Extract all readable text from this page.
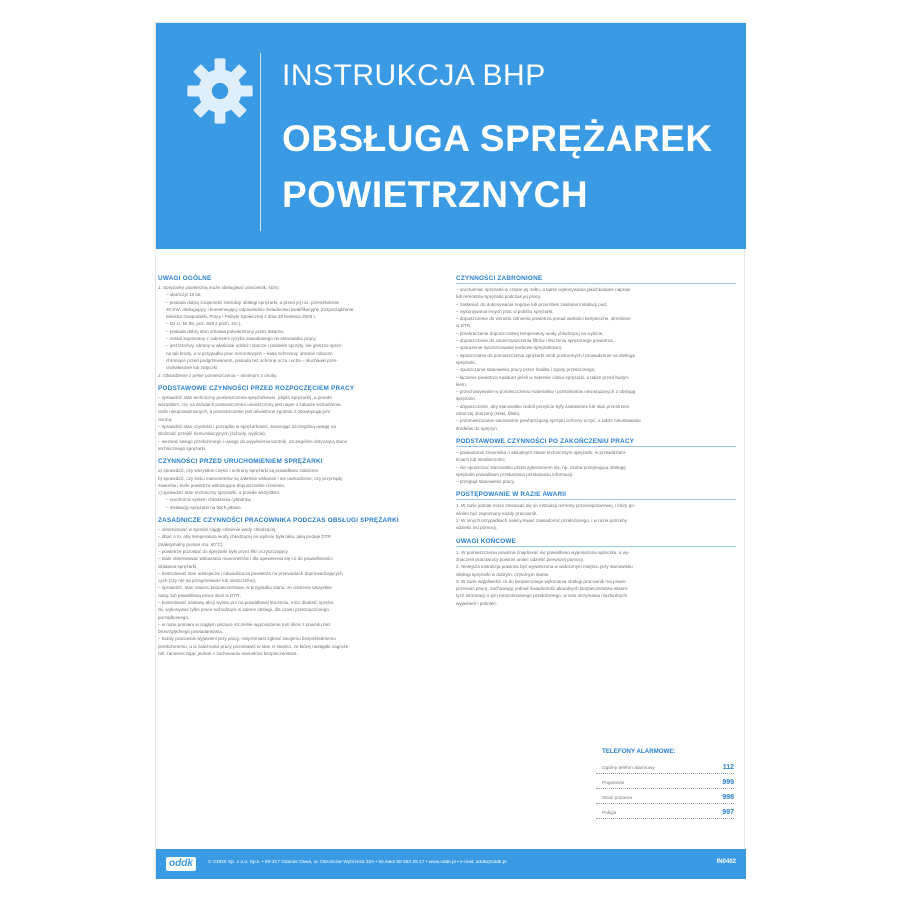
INSTRUKCJA BHP
OBSŁUGA SPRĘŻAREK
POWIETRZNYCH
UWAGI OGÓLNE
1. Sprężarkę powietrzną może obsługiwać pracownik, który:
– ukończył 18 lat,
– posiada dobrą znajomość instrukcji obsługi sprężarki, a przed jej roz. przeszkolenie
20 KW, obsługujący i konserwujący odpowiednie świadectwo kwalifikacyjne (rozporządzenie
Ministra Gospodarki, Pracy i Polityki Społecznej z dnia 28 kwietnia 2003 r.
– Dz.U. Nr 89, poz. 828 z późn. zm.),
– posiada dobry stan zdrowia potwierdzony przez lekarza,
– został zapoznany z zakresem ryzyka zawodowego na stanowisku pracy,
– jest trzeźwy, ubrany w właściwe odzież robocze i osobiste sprzęty, nie gloszne spręż-
na tak brody, a w przypadku prac remontowych – kasa ochronną; ubranie robocze
chroniące przed podgrzewaniem, posiada też ochronę oczu i ucha – słuchawki prze-
ciwhałasowe lub zatyczki.
2. Obsadzenie z pełne pomieszczenia – minimum 2 osoby.
PODSTAWOWE CZYNNOŚCI PRZED ROZPOCZĘCIEM PRACY
– sprawdzić stan techniczny pomieszczenia sprężarkowni, (dojść sprężarki), a przede
wszystkim, czy na drzwiach pomieszczenia umieszczony jest napis o zakazie wchodzenia
osób nieupoważnionych, a pomieszczenie jest oświetlone zgodnie z obowiązującymi
normą,
– sprawdzić stan czystości i porządku w sprężarkowni, zwracając szczególną uwagę na
drożność przejść komunikacyjnych (schody, wyjścia),
– wezwać swego przełożonego i uwagę do wyjaśnienia kontroli, szczególnie dotyczącą stanu
technicznego sprężarki.
CZYNNOŚCI PRZED URUCHOMIENIEM SPRĘŻARKI
a) sprawdzić, czy wszystkie części i ochrony sprężarki są prawidłowo założone,
b) sprawdzić, czy ilości manometrów są zakresie wskazań i nie uszkodzone, czy przyrządy
zaworów i kurki powietrza wskazujące dopuszczalne ciśnienie,
c) sprawdzić stan techniczny sprężarki, a przede wszystkim:
– uruchomić system chłodzenia cylindrów,
– instalację sprężarki na tłoch jałowo.
ZASADNICZE CZYNNOŚCI PRACOWNIKA PODCZAS OBSŁUGI SPRĘŻARKI
– obserwować w sposób ciągły ciśnienie wody chłodzącej,
– dbać o to, aby temperatura wody chłodzącej na wylocie była taka, jaką podaje DTR
(maksymalny pomiar ma. 40°C),
– powietrze pozostać do sprężarki było przez filtr oczyszczający,
– stale obserwować wskazania manometrów i dla upewnienia się co do prawidłowości
działania sprężarki,
– kontrolować stan odolejacza i odwadniacza powietrza na przewodach doprowadzających
cych (czy nie są przegrzewane lub nieszczelne),
– sprawdzić, stan zaworu bezpieczeństwa, w przypadku stanu, że ciśnienie wszystkie
nasą. lub prawidłową pracę sieci w DTR,
– kontrolować nastawy akcji wylotu pro na prawidłowej tłoczeniu, rnicz dbałość spręża-
rki, wykonywać tylko prace wchodzące w zakres obsługi, dla czasu przeznaczonego
porządkowego,
– w razie pomiaru w ciągłym piszące szczelnie wyposażanie tum liście z powodu bez
bezwzględnego powiadamiania,
– każdy pracownik wyjawieni przy pracy, natychmiast zgłosić swojemu bezpośredniemu
przełożonemu, a w zależności pracy pozostawić w stan in stasino, ze której nastąpiło zagroże-
nik, zamieszczając jednak o zachowaniu warunków bezpieczeństwa.
CZYNNOŚCI ZABRONIONE
– uruchamiać sprężarki w czasie jej naftu, a także wykonywania jakichkolwiek napraw
lub remontów sprężarki podczas jej pracy,
– zasłaniać do dokonywania napraw lub przeróbek zasilania instalacji pod,
– wykonywania innych prac w pobliżu sprężarki,
– dopuszczenie do wzrostu ciśnienia powietrza ponad wartości bezpieczne, określone
w DTR,
– przekraczanie dopuszczalnej temperatury wody chłodzącej na wylocie,
– dopuszczanie do zanieczyszczenia filtrów i tłoczenia sprężonego powietrza,
– sporażenie suszarzowanie korbowe sprężarkowni,
– wpuszczanie do pomieszczenia sprężarki osób postronnych i prowadzenie na obsługę
sprężarki,
– opuszczanie stanowiska pracy przez środka i zgody przełożonego,
– łączenie powietrza naddusz jeżeli w zakresie ciśnia sprężarki, a także przed budyn-
kiem,
– przechowywanie w pomieszczeniu materiałów i przedmiotów niezwiązanych z obsługą
sprężarki,
– dopuszczenie, aby stanowisko wokół przejście były zastawione lub stan przestrzeni
roboczej obniżony (niski, śliski),
– przemieszczanie samowolne pewhętrząceg sprzętu ochrony oczyć, a także nieustawanie
środków do sprężyn.
PODSTAWOWE CZYNNOŚCI PO ZAKOŃCZENIU PRACY
– powiadomić zmiennika o aktualnym stanie technicznym sprężarki, w przewidziani-
ściach lub nieobecności,
– nie opuszczać stanowisko przed zgłoszeniem się, np. osoba przejmującą obsługę
sprężarki prawidłowo przekazania przekazaniu informacji,
– przegląd stanowisko pracy.
POSTĘPOWANIE W RAZIE AWARII
1. W razie jednak może stosować się do instrukcji ochrony przeciwpożarowej, i który po-
winien być zapoznany każdy pracownik.
2. W innych przypadkach należy kiwać zawiadomić przełożonego, i w razie potrzeby
udzielić mu pomocy.
UWAGI KOŃCOWE
1. W pomieszczeniu powinna znajdować się prawidłowo wyposażona apteczka, a wy-
znaczeni pracownicy powinni umieć udzielić pierwszej pomocy.
2. Niniejsza instrukcja powinna być wywieszona w widocznym miejscu przy stanowisku
obsługi sprężarki w dobrym, czytelnym stanie.
3. W razie wątpliwości co do bezpiecznego wykonania obsługi pracownik ma prawo
przerwać pracę, zachowując jednak świadomość aktualnych bezpieczeństwa wlasnt-
tych informacji o tym bezpośredniego przełożonego, w celu otrzymania niezbędnych
wyjaśnień i pokoleń.
TELEFONY ALARMOWE:
Ogólny telefon alarmowy	112
Pogotowie	999
Straż pożarna	998
Policja	997
oddk	© ODDK Sp. z o.o. Sp.k. • 80-317 Gdańsk Oliwa, ul. Obrońców Wybrzeża 32A • tel./faks 58 554 29 17 • www.oddk.pl • e-mail: oddk@oddk.pl	IN0402
